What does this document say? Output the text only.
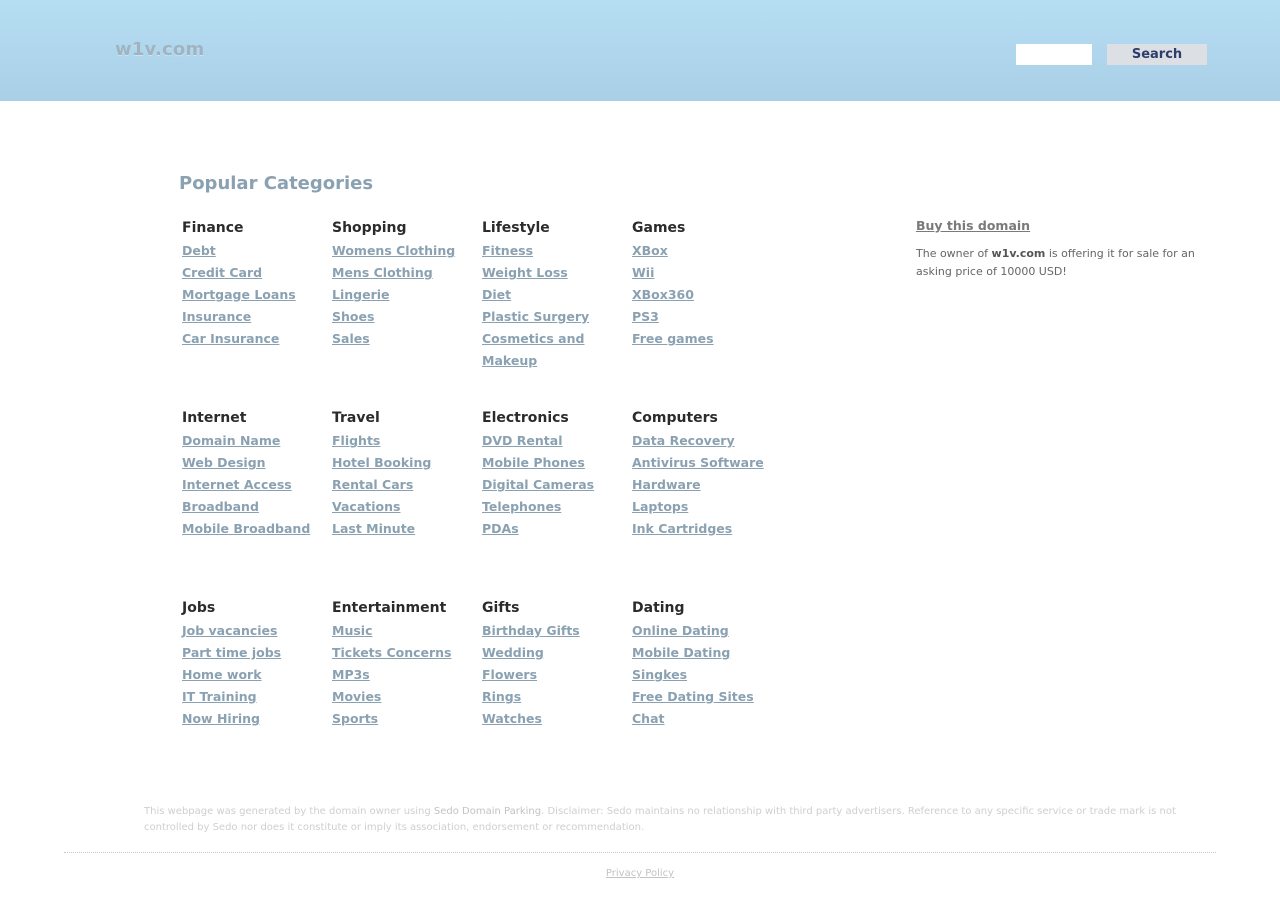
w1v.com	Search
Popular Categories
Finance
Debt
Credit Card
Mortgage Loans
Insurance
Car Insurance
Shopping
Womens Clothing
Mens Clothing
Lingerie
Shoes
Sales
Lifestyle
Fitness
Weight Loss
Diet
Plastic Surgery
Cosmetics and Makeup
Games
XBox
Wii
XBox360
PS3
Free games
Internet
Domain Name
Web Design
Internet Access
Broadband
Mobile Broadband
Travel
Flights
Hotel Booking
Rental Cars
Vacations
Last Minute
Electronics
DVD Rental
Mobile Phones
Digital Cameras
Telephones
PDAs
Computers
Data Recovery
Antivirus Software
Hardware
Laptops
Ink Cartridges
Jobs
Job vacancies
Part time jobs
Home work
IT Training
Now Hiring
Entertainment
Music
Tickets Concerns
MP3s
Movies
Sports
Gifts
Birthday Gifts
Wedding
Flowers
Rings
Watches
Dating
Online Dating
Mobile Dating
Singkes
Free Dating Sites
Chat
Buy this domain
The owner of w1v.com is offering it for sale for an asking price of 10000 USD!
This webpage was generated by the domain owner using Sedo Domain Parking. Disclaimer: Sedo maintains no relationship with third party advertisers. Reference to any specific service or trade mark is not controlled by Sedo nor does it constitute or imply its association, endorsement or recommendation.
Privacy Policy
